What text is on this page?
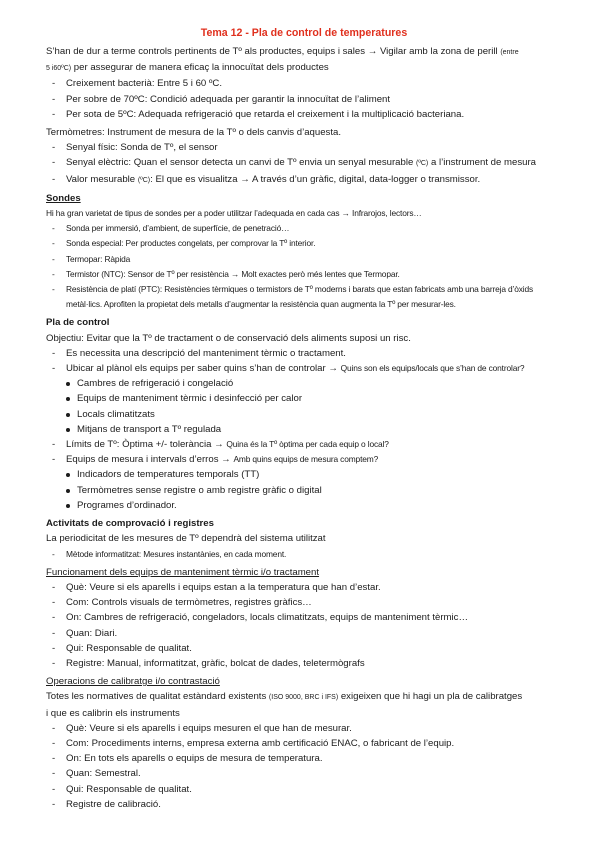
Tema 12 - Pla de control de temperatures

S’han de dur a terme controls pertinents de Tº als productes, equips i sales → Vigilar amb la zona de perill (entre

5 i60ºC) per assegurar de manera eficaç la innocuïtat dels productes

- Creixement bacterià: Entre 5 i 60 ºC.
- Per sobre de 70ºC: Condició adequada per garantir la innocuïtat de l’aliment
- Per sota de 5ºC: Adequada refrigeració que retarda el creixement i la multiplicació bacteriana.

Termòmetres: Instrument de mesura de la Tº o dels canvis d’aquesta.

- Senyal físic: Sonda de Tº, el sensor
- Senyal elèctric: Quan el sensor detecta un canvi de Tº envia un senyal mesurable (ºC) a l’instrument de mesura
- Valor mesurable (ºC): El que es visualitza → A través d’un gràfic, digital, data-logger o transmissor.

Sondes

Hi ha gran varietat de tipus de sondes per a poder utilitzar l’adequada en cada cas → Infrarojos, lectors…

- Sonda per immersió, d’ambient, de superfície, de penetració…
- Sonda especial: Per productes congelats, per comprovar la Tº interior.
- Termopar: Ràpida
- Termistor (NTC): Sensor de Tº per resistència → Molt exactes però més lentes que Termopar.
- Resistència de platí (PTC): Resistències tèrmiques o termistors de Tº moderns i barats que estan fabricats amb una barreja d’òxids metàl·lics. Aprofiten la propietat dels metalls d’augmentar la resistència quan augmenta la Tº per mesurar-les.

Pla de control

Objectiu: Evitar que la Tº de tractament o de conservació dels aliments suposi un risc.

- Es necessita una descripció del manteniment tèrmic o tractament.
- Ubicar al plànol els equips per saber quins s’han de controlar → Quins son els equips/locals que s’han de controlar?
Cambres de refrigeració i congelació
Equips de manteniment tèrmic i desinfecció per calor
Locals climatitzats
Mitjans de transport a Tº regulada
- Límits de Tº: Òptima +/- tolerància → Quina és la Tº òptima per cada equip o local?
- Equips de mesura i intervals d’erros → Amb quins equips de mesura comptem?
Indicadors de temperatures temporals (TT)
Termòmetres sense registre o amb registre gràfic o digital
Programes d’ordinador.

Activitats de comprovació i registres

La periodicitat de les mesures de Tº dependrà del sistema utilitzat

- Mètode informatitzat: Mesures instantànies, en cada moment.

Funcionament dels equips de manteniment tèrmic i/o tractament

- Què: Veure si els aparells i equips estan a la temperatura que han d’estar.
- Com: Controls visuals de termòmetres, registres gràfics…
- On: Cambres de refrigeració, congeladors, locals climatitzats, equips de manteniment tèrmic…
- Quan: Diari.
- Qui: Responsable de qualitat.
- Registre: Manual, informatitzat, gràfic, bolcat de dades, teletermògrafs

Operacions de calibratge i/o contrastació

Totes les normatives de qualitat estàndard existents (ISO 9000, BRC i IFS) exigeixen que hi hagi un pla de calibratges

i que es calibrin els instruments

- Què: Veure si els aparells i equips mesuren el que han de mesurar.
- Com: Procediments interns, empresa externa amb certificació ENAC, o fabricant de l’equip.
- On: En tots els aparells o equips de mesura de temperatura.
- Quan: Semestral.
- Qui: Responsable de qualitat.
- Registre de calibració.
